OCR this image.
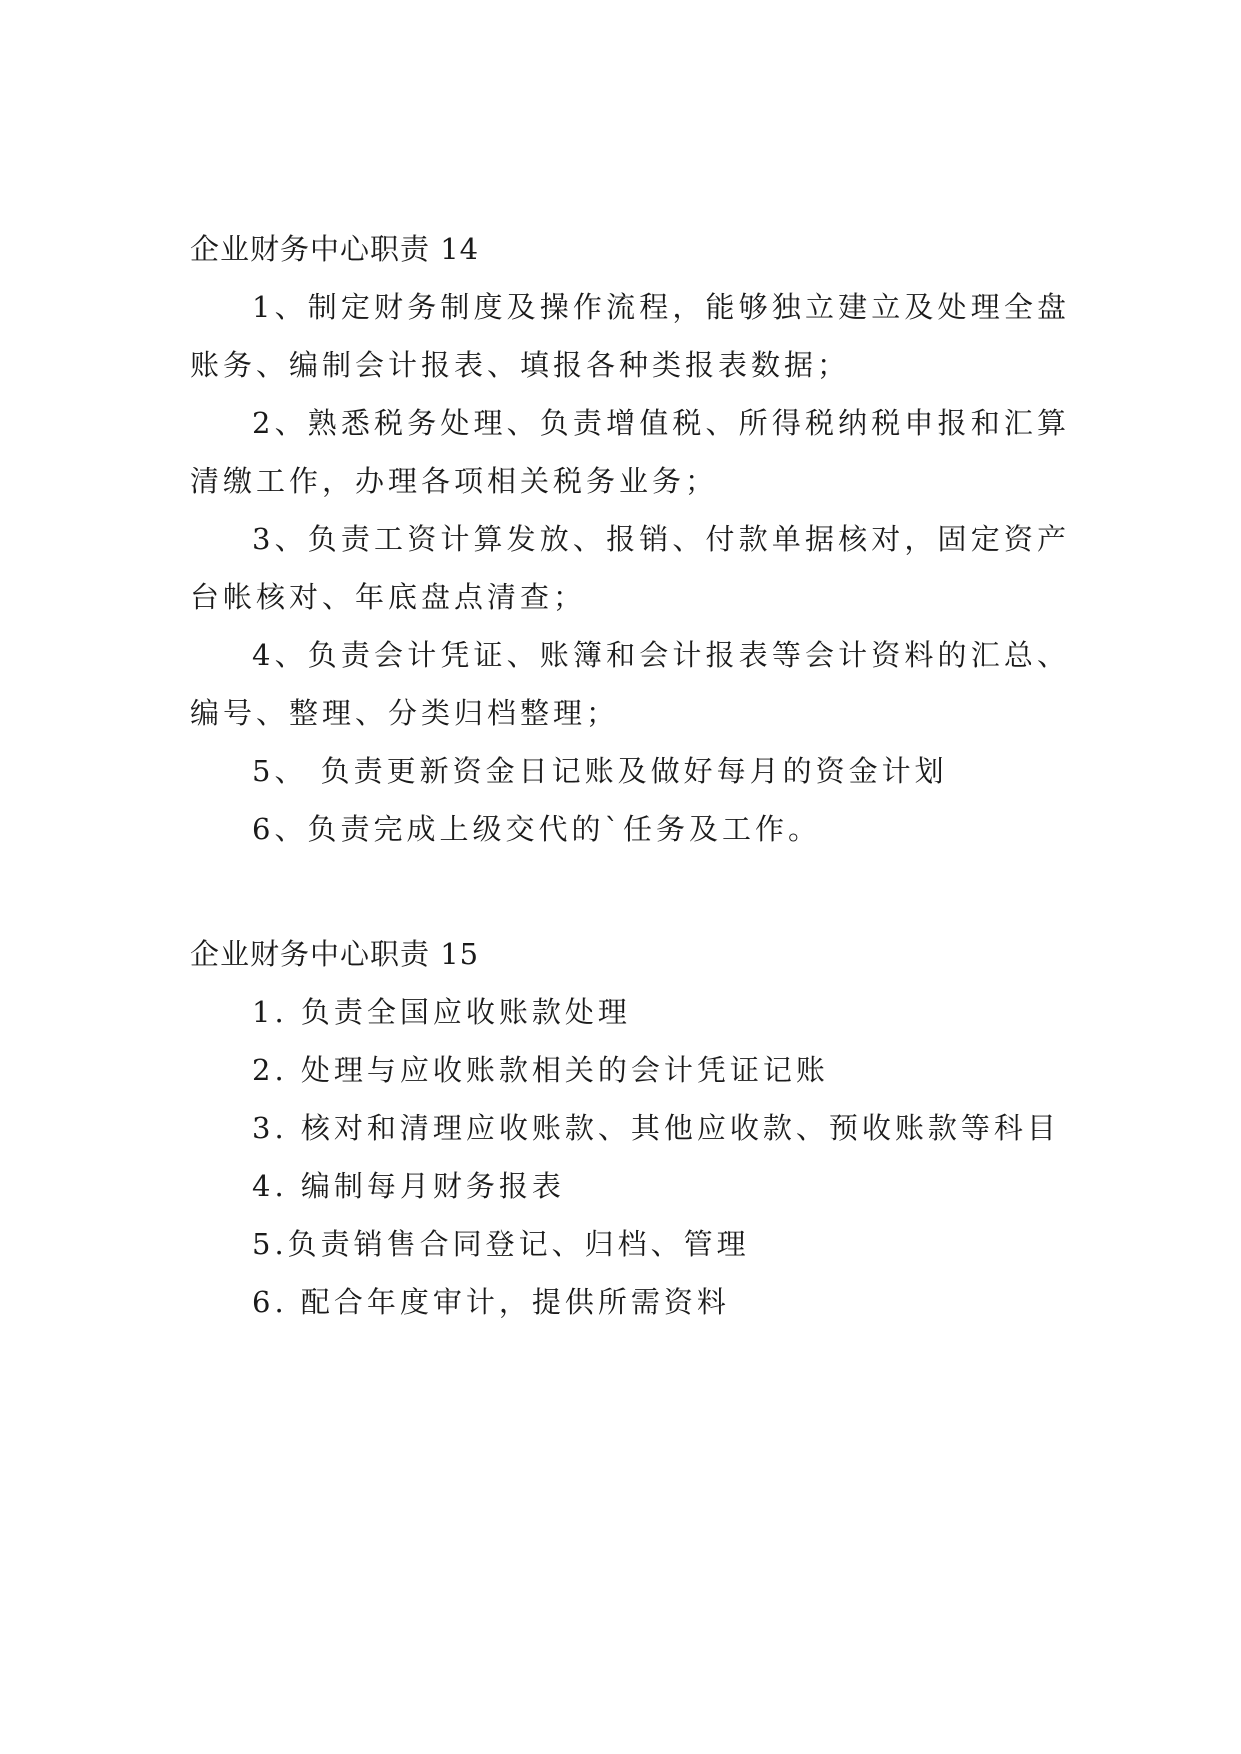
企业财务中心职责 14

1、制定财务制度及操作流程，能够独立建立及处理全盘账务、编制会计报表、填报各种类报表数据；

2、熟悉税务处理、负责增值税、所得税纳税申报和汇算清缴工作，办理各项相关税务业务；

3、负责工资计算发放、报销、付款单据核对，固定资产台帐核对、年底盘点清查；

4、负责会计凭证、账簿和会计报表等会计资料的汇总、编号、整理、分类归档整理；

5、 负责更新资金日记账及做好每月的资金计划

6、负责完成上级交代的`任务及工作。

企业财务中心职责 15

1. 负责全国应收账款处理

2. 处理与应收账款相关的会计凭证记账

3. 核对和清理应收账款、其他应收款、预收账款等科目

4. 编制每月财务报表

5.负责销售合同登记、归档、管理

6. 配合年度审计，提供所需资料
